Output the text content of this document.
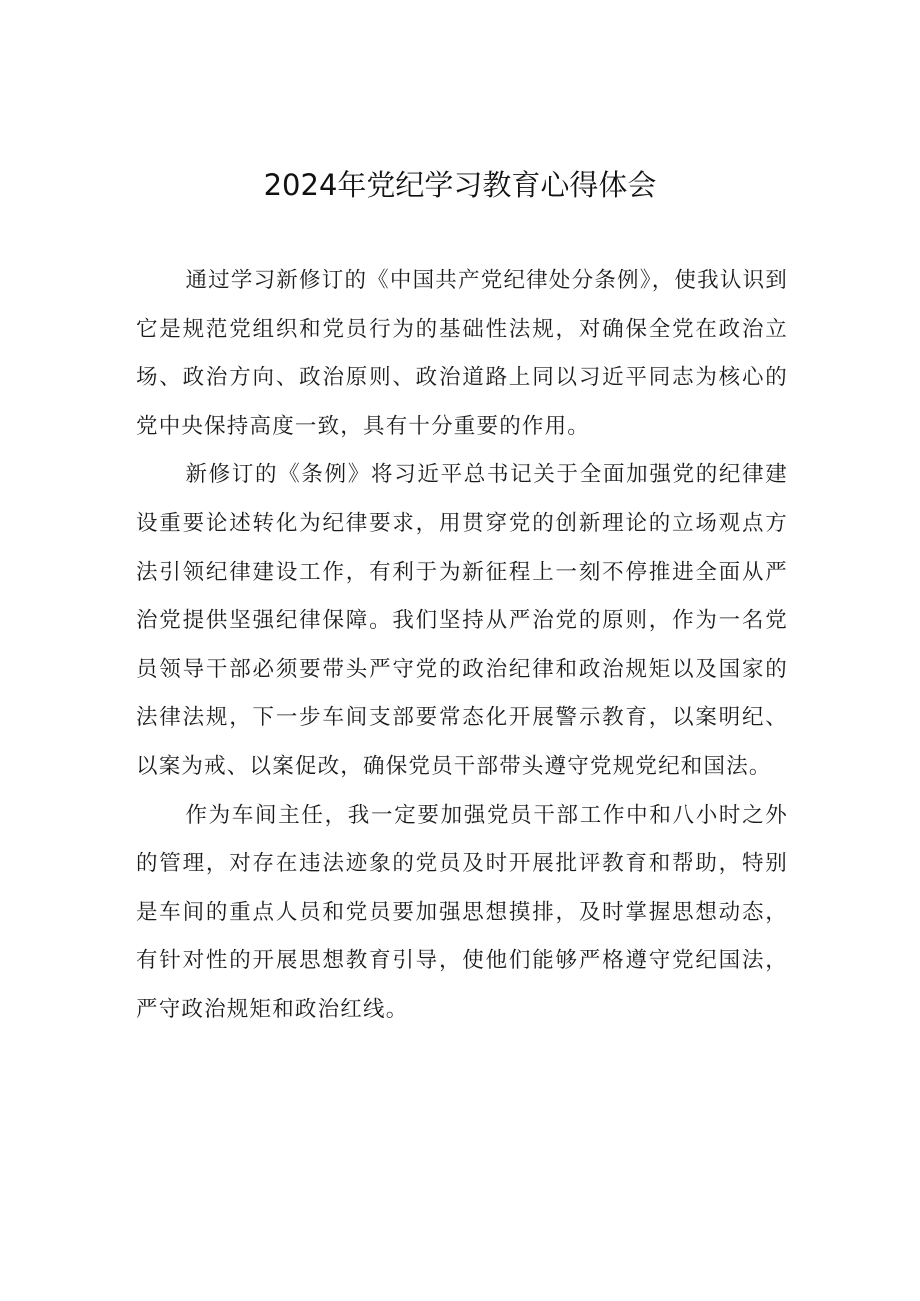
2024年党纪学习教育心得体会

通过学习新修订的《中国共产党纪律处分条例》，使我认识到它是规范党组织和党员行为的基础性法规，对确保全党在政治立场、政治方向、政治原则、政治道路上同以习近平同志为核心的党中央保持高度一致，具有十分重要的作用。

新修订的《条例》将习近平总书记关于全面加强党的纪律建设重要论述转化为纪律要求，用贯穿党的创新理论的立场观点方法引领纪律建设工作，有利于为新征程上一刻不停推进全面从严治党提供坚强纪律保障。我们坚持从严治党的原则，作为一名党员领导干部必须要带头严守党的政治纪律和政治规矩以及国家的法律法规，下一步车间支部要常态化开展警示教育，以案明纪、以案为戒、以案促改，确保党员干部带头遵守党规党纪和国法。

作为车间主任，我一定要加强党员干部工作中和八小时之外的管理，对存在违法迹象的党员及时开展批评教育和帮助，特别是车间的重点人员和党员要加强思想摸排，及时掌握思想动态，有针对性的开展思想教育引导，使他们能够严格遵守党纪国法，严守政治规矩和政治红线。
